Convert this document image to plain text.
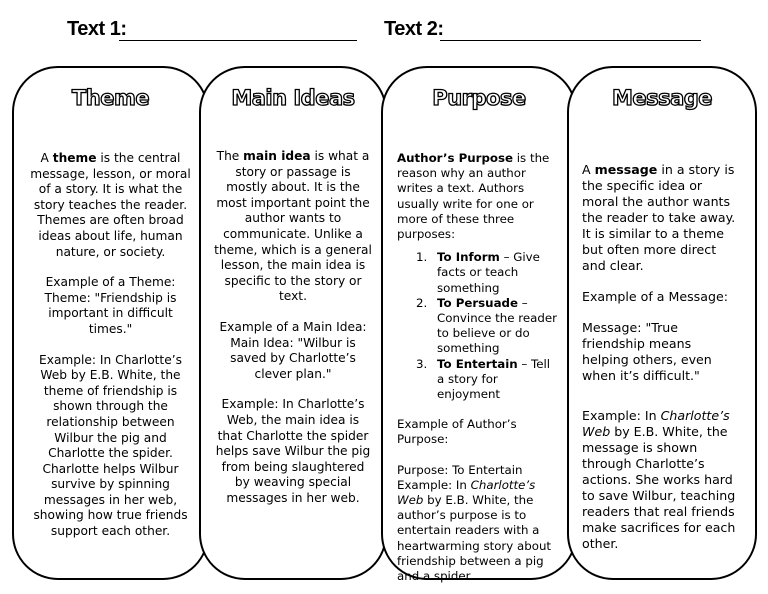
Text 1:	Text 2:
Theme

A theme is the central message, lesson, or moral of a story. It is what the story teaches the reader. Themes are often broad ideas about life, human nature, or society.

Example of a Theme:

Theme: "Friendship is important in difficult times."

Example: In Charlotte’s Web by E.B. White, the theme of friendship is shown through the relationship between Wilbur the pig and Charlotte the spider. Charlotte helps Wilbur survive by spinning messages in her web, showing how true friends support each other.

Main Ideas

The main idea is what a story or passage is mostly about. It is the most important point the author wants to communicate. Unlike a theme, which is a general lesson, the main idea is specific to the story or text.

Example of a Main Idea:

Main Idea: "Wilbur is saved by Charlotte’s clever plan."

Example: In Charlotte’s Web, the main idea is that Charlotte the spider helps save Wilbur the pig from being slaughtered by weaving special messages in her web.

Purpose

Author’s Purpose is the reason why an author writes a text. Authors usually write for one or more of these three purposes:

1. To Inform – Give facts or teach something
2. To Persuade – Convince the reader to believe or do something
3. To Entertain – Tell a story for enjoyment

Example of Author’s Purpose:

Purpose: To Entertain

Example: In Charlotte’s Web by E.B. White, the author’s purpose is to entertain readers with a heartwarming story about friendship between a pig and a spider.

Message

A message in a story is the specific idea or moral the author wants the reader to take away. It is similar to a theme but often more direct and clear.

Example of a Message:

Message: "True friendship means helping others, even when it’s difficult."

Example: In Charlotte’s Web by E.B. White, the message is shown through Charlotte’s actions. She works hard to save Wilbur, teaching readers that real friends make sacrifices for each other.
